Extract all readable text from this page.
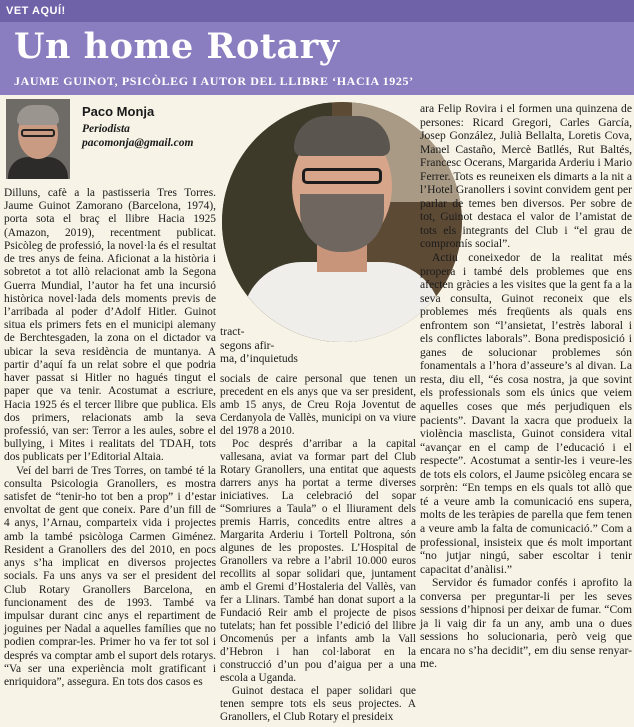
VET AQUÍ!
Un home Rotary
JAUME GUINOT, PSICÒLEG I AUTOR DEL LLIBRE ‘HACIA 1925’
Paco Monja
Periodista
pacomonja@gmail.com
tract-
segons afir-
ma, d’inquietuds

Dilluns, cafè a la pastisseria Tres Torres. Jaume Guinot Zamorano (Barcelona, 1974), porta sota el braç el llibre Hacia 1925 (Amazon, 2019), recentment publicat. Psicòleg de professió, la novel·la és el resultat de tres anys de feina. Aficionat a la història i sobretot a tot allò relacionat amb la Segona Guerra Mundial, l’autor ha fet una incursió històrica novel·lada dels moments previs de l’arribada al poder d’Adolf Hitler. Guinot situa els primers fets en el municipi alemany de Berchtesgaden, la zona on el dictador va ubicar la seva residència de muntanya. A partir d’aquí fa un relat sobre el que podria haver passat si Hitler no hagués tingut el paper que va tenir. Acostumat a escriure, Hacia 1925 és el tercer llibre que publica. Els dos primers, relacionats amb la seva professió, van ser: Terror a les aules, sobre el bullying, i Mites i realitats del TDAH, tots dos publicats per l’Editorial Altaia.

Veí del barri de Tres Torres, on també té la consulta Psicologia Granollers, es mostra satisfet de “tenir-ho tot ben a prop” i d’estar envoltat de gent que coneix. Pare d’un fill de 4 anys, l’Arnau, comparteix vida i projectes amb la també psicòloga Carmen Giménez. Resident a Granollers des del 2010, en pocs anys s’ha implicat en diversos projectes socials. Fa uns anys va ser el president del Club Rotary Granollers Barcelona, en funcionament des de 1993. També va impulsar durant cinc anys el repartiment de joguines per Nadal a aquelles famílies que no podien comprar-les. Primer ho va fer tot sol i després va comptar amb el suport dels rotarys. “Va ser una experiència molt gratificant i enriquidora”, assegura. En tots dos casos es

socials de caire personal que tenen un precedent en els anys que va ser president, amb 15 anys, de Creu Roja Joventut de Cerdanyola de Vallès, municipi on va viure del 1978 a 2010.

Poc després d’arribar a la capital vallesana, aviat va formar part del Club Rotary Granollers, una entitat que aquests darrers anys ha portat a terme diverses iniciatives. La celebració del sopar “Somriures a Taula” o el lliurament dels premis Harris, concedits entre altres a Margarita Arderiu i Tortell Poltrona, són algunes de les propostes. L’Hospital de Granollers va rebre a l’abril 10.000 euros recollits al sopar solidari que, juntament amb el Gremi d’Hostaleria del Vallès, van fer a Llinars. També han donat suport a la Fundació Reir amb el projecte de pisos tutelats; han fet possible l’edició del llibre Oncomenús per a infants amb la Vall d’Hebron i han col·laborat en la construcció d’un pou d’aigua per a una escola a Uganda.

Guinot destaca el paper solidari que tenen sempre tots els seus projectes. A Granollers, el Club Rotary el presideix

ara Felip Rovira i el formen una quinzena de persones: Ricard Gregori, Carles García, Josep González, Julià Bellalta, Loretis Cova, Manel Castaño, Mercè Batllés, Rut Baltés, Francesc Ocerans, Margarida Arderiu i Mario Ferrer. Tots es reuneixen els dimarts a la nit a l’Hotel Granollers i sovint convidem gent per parlar de temes ben diversos. Per sobre de tot, Guinot destaca el valor de l’amistat de tots els integrants del Club i “el grau de compromís social”.

Actiu coneixedor de la realitat més propera i també dels problemes que ens afecten gràcies a les visites que la gent fa a la seva consulta, Guinot reconeix que els problemes més freqüents als quals ens enfrontem son “l’ansietat, l’estrès laboral i els conflictes laborals”. Bona predisposició i ganes de solucionar problemes són fonamentals a l’hora d’asseure’s al divan. La resta, diu ell, “és cosa nostra, ja que sovint els professionals som els únics que veiem aquelles coses que més perjudiquen els pacients”. Davant la xacra que produeix la violència masclista, Guinot considera vital “avançar en el camp de l’educació i el respecte”. Acostumat a sentir-les i veure-les de tots els colors, el Jaume psicòleg encara se sorprèn: “En temps en els quals tot allò que té a veure amb la comunicació ens supera, molts de les teràpies de parella que fem tenen a veure amb la falta de comunicació.” Com a professional, insisteix que és molt important “no jutjar ningú, saber escoltar i tenir capacitat d’anàlisi.”

Servidor és fumador confés i aprofito la conversa per preguntar-li per les seves sessions d’hipnosi per deixar de fumar. “Com ja li vaig dir fa un any, amb una o dues sessions ho solucionaria, però veig que encara no s’ha decidit”, em diu sense renyar-me.
